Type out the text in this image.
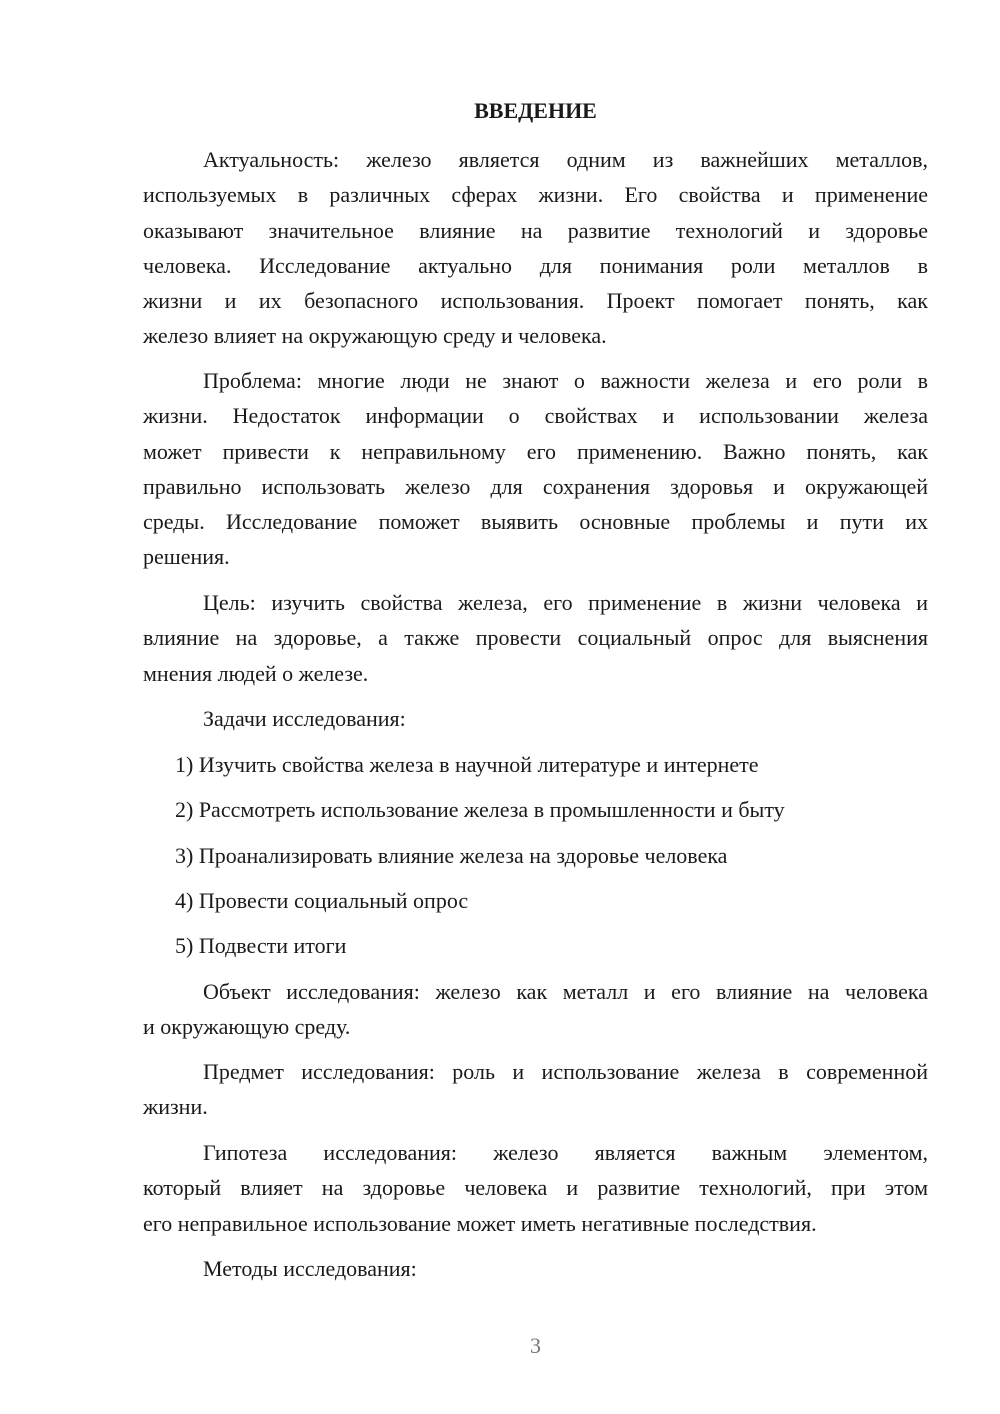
ВВЕДЕНИЕ
Актуальность: железо является одним из важнейших металлов,
используемых в различных сферах жизни. Его свойства и применение
оказывают значительное влияние на развитие технологий и здоровье
человека. Исследование актуально для понимания роли металлов в
жизни и их безопасного использования. Проект помогает понять, как
железо влияет на окружающую среду и человека.
Проблема: многие люди не знают о важности железа и его роли в
жизни. Недостаток информации о свойствах и использовании железа
может привести к неправильному его применению. Важно понять, как
правильно использовать железо для сохранения здоровья и окружающей
среды. Исследование поможет выявить основные проблемы и пути их
решения.
Цель: изучить свойства железа, его применение в жизни человека и
влияние на здоровье, а также провести социальный опрос для выяснения
мнения людей о железе.
Задачи исследования:
Объект исследования: железо как металл и его влияние на человека
и окружающую среду.
Предмет исследования: роль и использование железа в современной
жизни.
Гипотеза исследования: железо является важным элементом,
который влияет на здоровье человека и развитие технологий, при этом
его неправильное использование может иметь негативные последствия.
Методы исследования:
1) Изучить свойства железа в научной литературе и интернете
2) Рассмотреть использование железа в промышленности и быту
3) Проанализировать влияние железа на здоровье человека
4) Провести социальный опрос
5) Подвести итоги
3
